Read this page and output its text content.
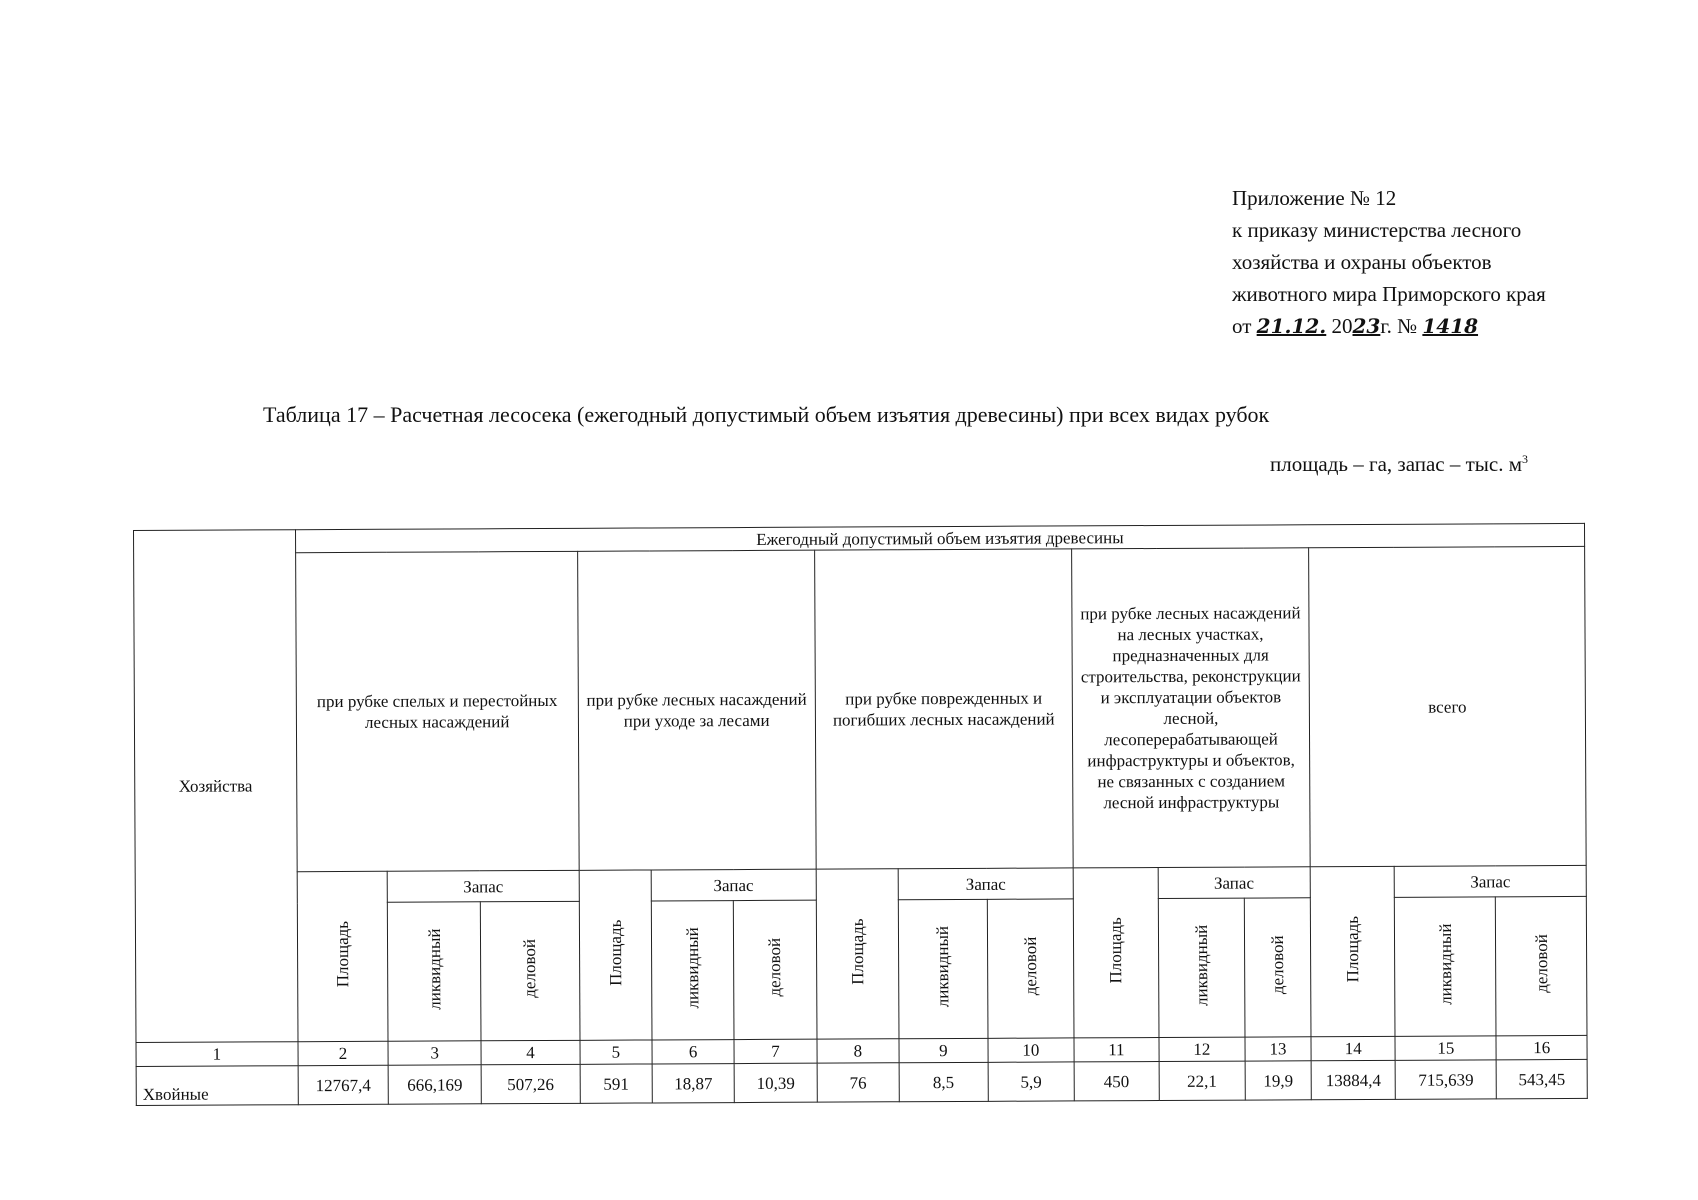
Приложение № 12
к приказу министерства лесного
хозяйства и охраны объектов
животного мира Приморского края
от 21.12. 2023г. № 1418
Таблица 17 – Расчетная лесосека (ежегодный допустимый объем изъятия древесины) при всех видах рубок
площадь – га, запас – тыс. $м^3$
Хозяйства	Ежегодный допустимый объем изъятия древесины														
	при рубке спелых и перестойных лесных насаждений			при рубке лесных насаждений при уходе за лесами			при рубке поврежденных и погибших лесных насаждений			при рубке лесных насаждений на лесных участках, предназначенных для строительства, реконструкции и эксплуатации объектов лесной, лесоперерабатывающей инфраструктуры и объектов, не связанных с созданием лесной инфраструктуры			всего		
	Площадь	Запас		Площадь	Запас		Площадь	Запас		Площадь	Запас		Площадь	Запас	
		ликвидный	деловой		ликвидный	деловой		ликвидный	деловой		ликвидный	деловой		ликвидный	деловой
1	2	3	4	5	6	7	8	9	10	11	12	13	14	15	16
Хвойные	12767,4	666,169	507,26	591	18,87	10,39	76	8,5	5,9	450	22,1	19,9	13884,4	715,639	543,45
